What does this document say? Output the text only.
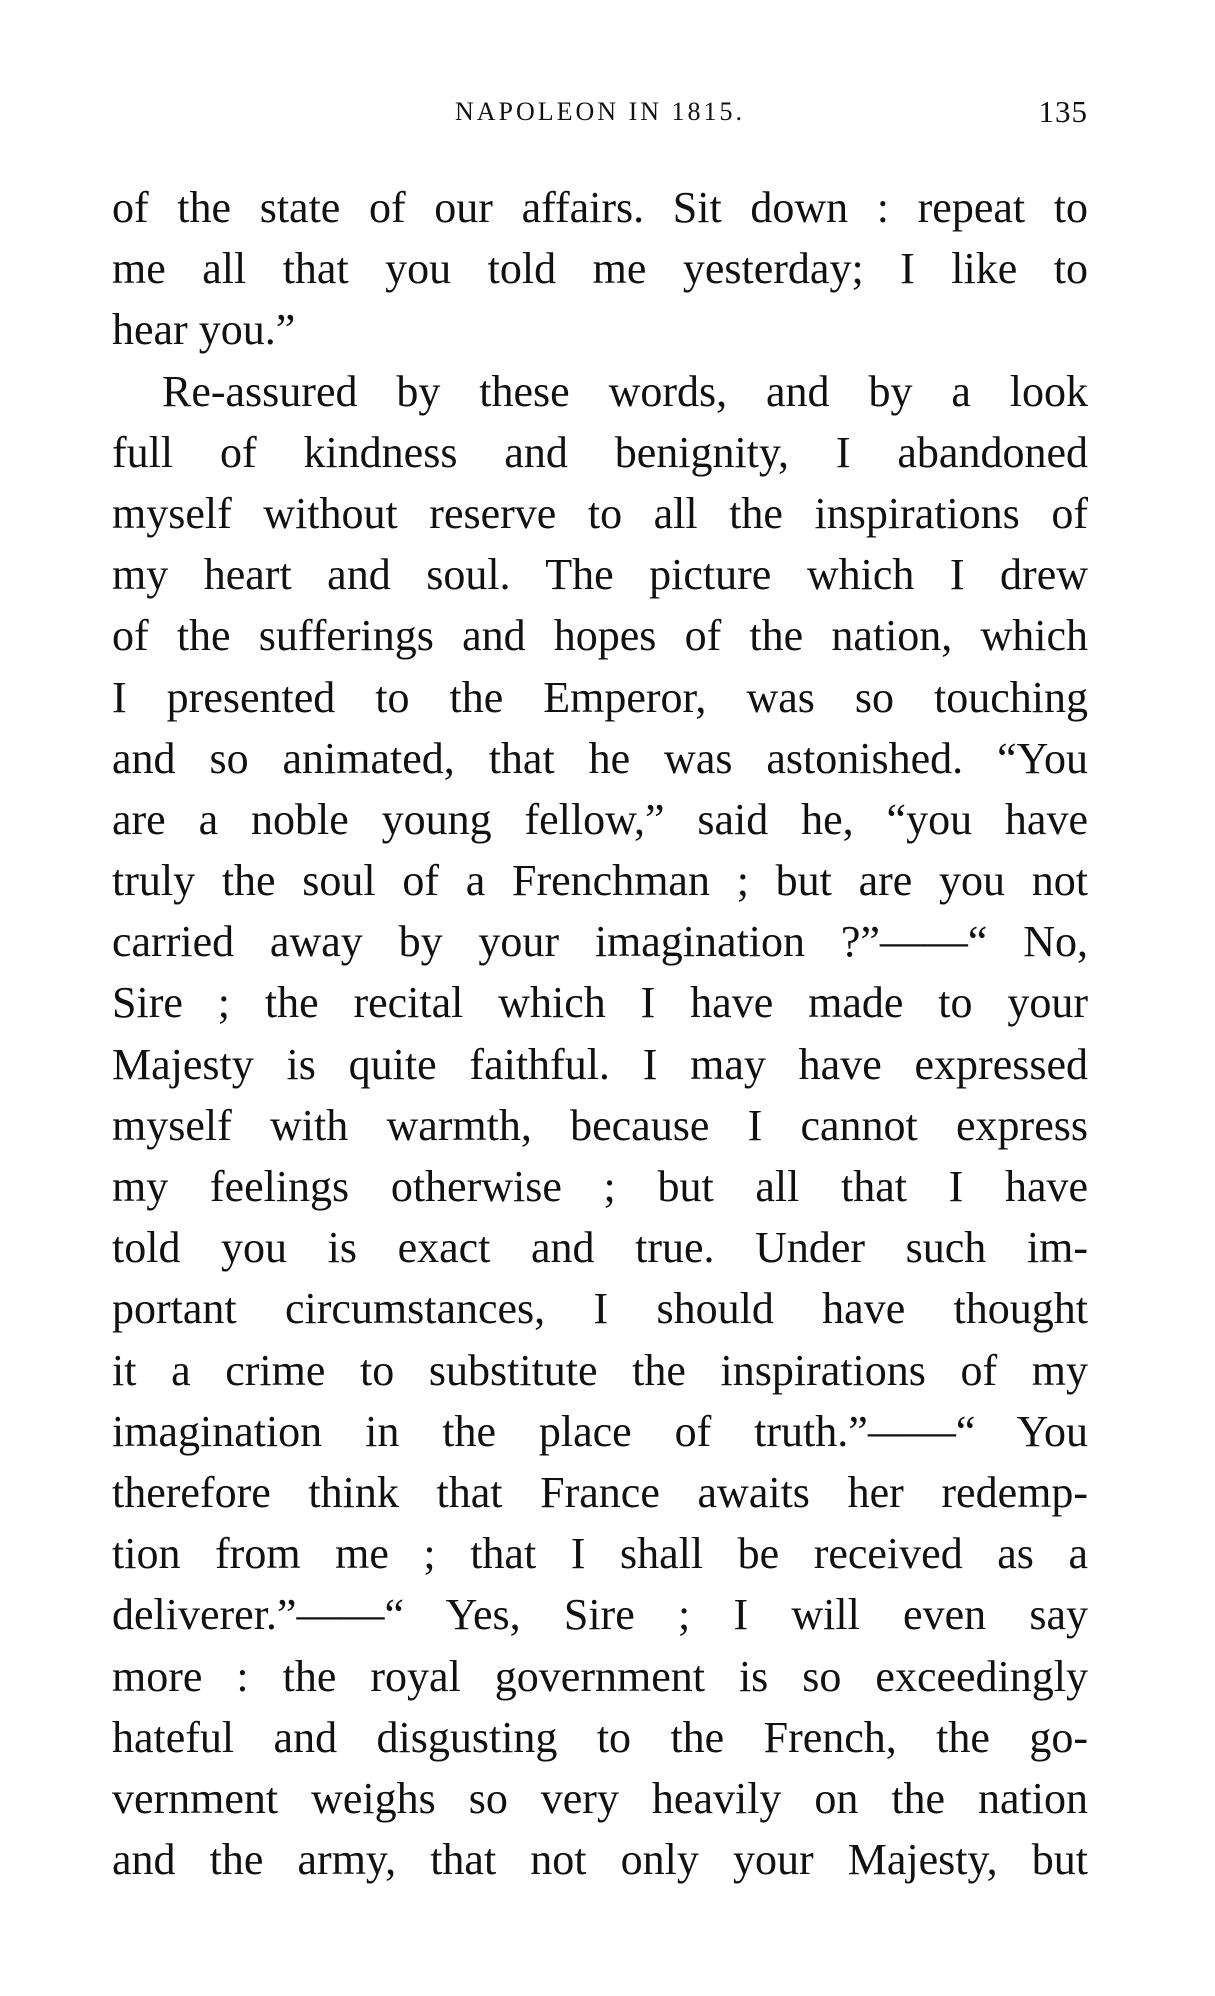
NAPOLEON IN 1815.	135
of the state of our affairs. Sit down : repeat to
me all that you told me yesterday; I like to
hear you.”
Re-assured by these words, and by a look
full of kindness and benignity, I abandoned
myself without reserve to all the inspirations of
my heart and soul. The picture which I drew
of the sufferings and hopes of the nation, which
I presented to the Emperor, was so touching
and so animated, that he was astonished. “You
are a noble young fellow,” said he, “you have
truly the soul of a Frenchman ; but are you not
carried away by your imagination ?”——“ No,
Sire ; the recital which I have made to your
Majesty is quite faithful. I may have expressed
myself with warmth, because I cannot express
my feelings otherwise ; but all that I have
told you is exact and true. Under such im-
portant circumstances, I should have thought
it a crime to substitute the inspirations of my
imagination in the place of truth.”——“ You
therefore think that France awaits her redemp-
tion from me ; that I shall be received as a
deliverer.”——“ Yes, Sire ; I will even say
more : the royal government is so exceedingly
hateful and disgusting to the French, the go-
vernment weighs so very heavily on the nation
and the army, that not only your Majesty, but
